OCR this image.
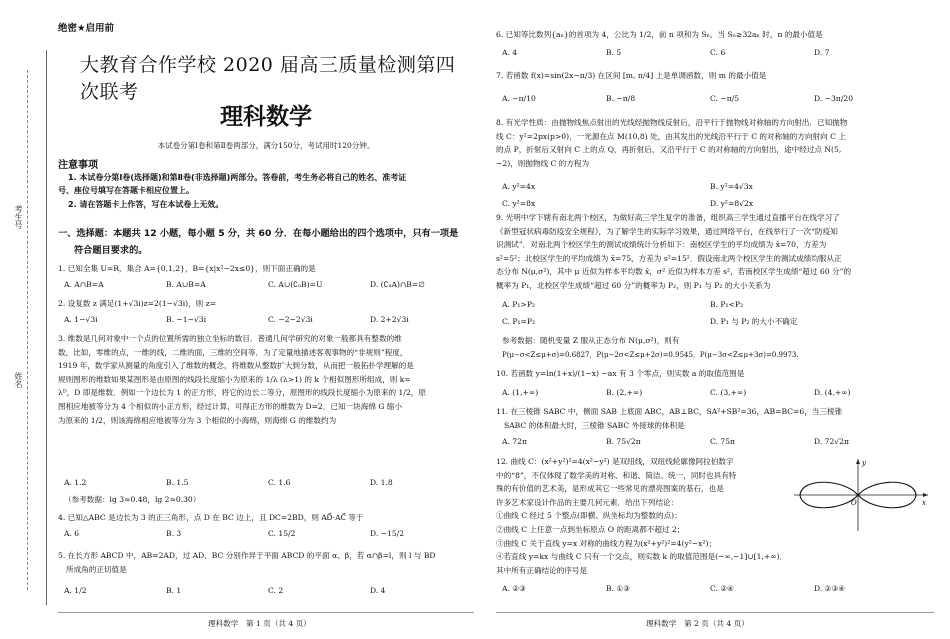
考生号
姓名
绝密★启用前
大教育合作学校 2020 届高三质量检测第四次联考
理科数学
本试卷分第Ⅰ卷和第Ⅱ卷两部分，满分150分，考试用时120分钟。
注意事项
1. 本试卷分第Ⅰ卷(选择题)和第Ⅱ卷(非选择题)两部分。答卷前，考生务必将自己的姓名、准考证
号、座位号填写在答题卡相应位置上。
2. 请在答题卡上作答，写在本试卷上无效。
一、选择题：本题共 12 小题，每小题 5 分，共 60 分．在每小题给出的四个选项中，只有一项是
符合题目要求的。
1. 已知全集 U=R，集合 A={0,1,2}，B={x|x²−2x≤0}，则下面正确的是
A. A∩B=A	B. A∪B=A	C. A∪(∁ᵤB)=U	D. (∁ᵤA)∩B=∅
2. 设复数 z 满足(1+√3i)z=2(1−√3i)，则 z=
A. 1−√3i	B. −1−√3i	C. −2−2√3i	D. 2+2√3i
3. 维数是几何对象中一个点的位置所需的独立坐标的数目．普通几何学研究的对象一般都具有整数的维
数，比如，零维的点，一维的线，二维的面，三维的空间等．为了定量地描述客观事物的“非规则”程度，
1919 年，数学家从测量的角度引入了维数的概念，将维数从整数扩大到分数，从而把一般拓扑学理解的是
规则图形的维数如果某图形是由原图的线段长度缩小为原来的 1/λ (λ>1) 的 k 个相似图形所组成，则 k=
λᴰ，D 即是维数．例如一个边长为 1 的正方形，将它的边长二等分，原图形的线段长度缩小为原来的 1/2，原
图相应地被等分为 4 个相似的小正方形，经过计算，可得正方形的维数为 D=2．已知一块海绵 G 缩小
为原来的 1/2，则该海绵相应地被等分为 3 个相似的小海绵，则海绵 G 的维数约为
A. 1.2	B. 1.5	C. 1.6	D. 1.8
（参考数据：lg 3≈0.48，lg 2≈0.30）
4. 已知△ABC 是边长为 3 的正三角形，点 D 在 BC 边上，且 DC=2BD，则 AD⃗·AC⃗ 等于
A. 6	B. 3	C. 15/2	D. −15/2
5. 在长方形 ABCD 中，AB=2AD，过 AD、BC 分别作异于平面 ABCD 的平面 α、β，若 α∩β=l，则 l 与 BD
所成角的正切值是
A. 1/2	B. 1	C. 2	D. 4
理科数学　第 1 页（共 4 页）
6. 已知等比数列{aₙ}的首项为 4，公比为 1/2，前 n 项和为 Sₙ，当 Sₙ≥32aₙ 时，n 的最小值是
A. 4	B. 5	C. 6	D. 7
7. 若函数 f(x)=sin(2x−π/3) 在区间 [m, π/4] 上是单调函数，则 m 的最小值是
A. −π/10	B. −π/8	C. −π/5	D. −3π/20
8. 有光学性质：由抛物线焦点射出的光线经抛物线反射后，沿平行于抛物线对称轴的方向射出．已知抛物
线 C：y²=2px(p>0)，一光源在点 M(10,8) 处，由其发出的光线沿平行于 C 的对称轴的方向射向 C 上
的点 P，折射后又射向 C 上的点 Q，再折射后，又沿平行于 C 的对称轴的方向射出，途中经过点 N(5,
−2)，则抛物线 C 的方程为
A. y²=4x	B. y²=4√3x
C. y²=8x	D. y²=8√2x
9. 光明中学下辖有南北两个校区，为做好高三学生复学的准备，组织高三学生通过直播平台在线学习了
《新型冠状病毒防疫安全规程》，为了解学生的实际学习效果，通过网络平台，在线举行了一次“防疫知
识测试”．对南北两个校区学生的测试成绩统计分析如下：南校区学生的平均成绩为 x̄=70，方差为
s²=5²；北校区学生的平均成绩为 x̄=75，方差为 s²=15²．假设南北两个校区学生的测试成绩均服从正
态分布 N(μ,σ²)，其中 μ 近似为样本平均数 x̄，σ² 近似为样本方差 s²，若南校区学生成绩“超过 60 分”的
概率为 P₁，北校区学生成绩“超过 60 分”的概率为 P₂，则 P₁ 与 P₂ 的大小关系为
A. P₁>P₂	B. P₁<P₂
C. P₁=P₂	D. P₁ 与 P₂ 的大小不确定
参考数据：随机变量 Z 服从正态分布 N(μ,σ²)，则有
P(μ−σ<Z≤μ+σ)=0.6827，P(μ−2σ<Z≤μ+2σ)=0.9545，P(μ−3σ<Z≤μ+3σ)=0.9973.
10. 若函数 y=ln(1+x)/(1−x) −ax 有 3 个零点，则实数 a 的取值范围是
A. (1,+∞)	B. (2,+∞)	C. (3,+∞)	D. (4,+∞)
11. 在三棱锥 SABC 中，侧面 SAB 上底面 ABC，AB⊥BC，SA²+SB²=36，AB=BC=6，当三棱锥
SABC 的体积最大时，三棱锥 SABC 外接球的体积是
A. 72π	B. 75√2π	C. 75π	D. 72√2π
12. 曲线 C：(x²+y²)²=4(x²−y²) 是双纽线，双纽线轮廓像阿拉伯数字
中的“8”，不仅体现了数学美的对称、和谐、简洁、统一，同时也具有特
殊的有价值的艺术美，是形成其它一些常见的漂亮图案的基石，也是
许多艺术家设计作品的主要几何元素．给出下列结论：
①曲线 C 经过 5 个整点(即横、纵坐标均为整数的点)；
②曲线 C 上任意一点到坐标原点 O 的距离都不超过 2；
③曲线 C 关于直线 y=x 对称的曲线方程为(x²+y²)²=4(y²−x²)；
④若直线 y=kx 与曲线 C 只有一个交点，则实数 k 的取值范围是(−∞,−1]∪[1,+∞)．
其中所有正确结论的序号是
y
x
O
A. ②③	B. ①③	C. ②④	D. ②③④
理科数学　第 2 页（共 4 页）
